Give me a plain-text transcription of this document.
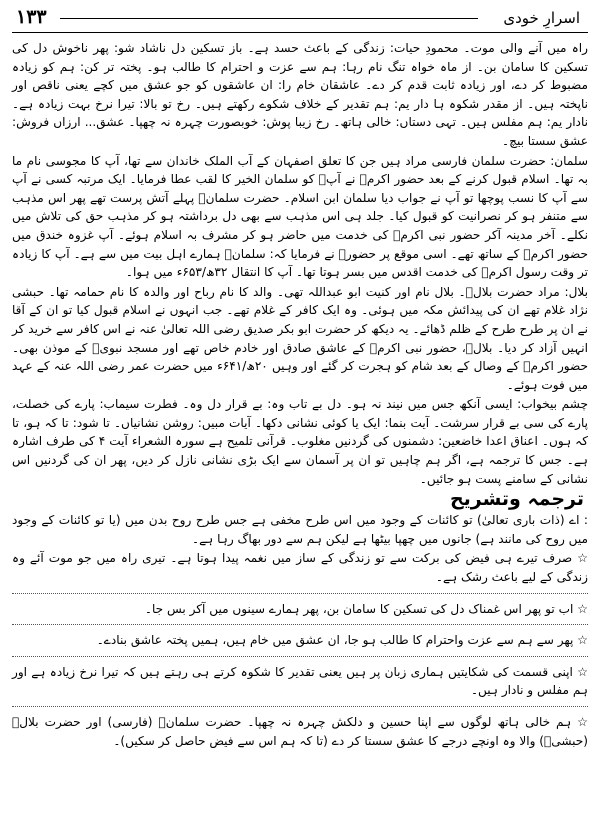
۱۳۳	اسرارِ خودی

راہ میں آنے والی موت۔ محمودِ حیات: زندگی کے باعث حسد ہے۔ باز تسکین دل ناشاد شو: پھر ناخوش دل کی تسکین کا سامان بن۔ از ماہ خواہ تنگ نام رہا: ہم سے عزت و احترام کا طالب ہو۔ پختہ تر کن: ہم کو زیادہ مضبوط کر دے، اور زیادہ ثابت قدم کر دے۔ عاشقان خام را: ان عاشقوں کو جو عشق میں کچے یعنی ناقص اور ناپختہ ہیں۔ از مقدر شکوہ ہا دار یم: ہم تقدیر کے خلاف شکوے رکھتے ہیں۔ رخ تو بالا: تیرا نرخ بہت زیادہ ہے۔ نادار یم: ہم مفلس ہیں۔ تہی دستاں: خالی ہاتھ۔ رخ زیبا پوش: خوبصورت چہرہ نہ چھپا۔ عشق... ارزاں فروش: عشق سستا بیچ۔

سلمان: حضرت سلمان فارسی مراد ہیں جن کا تعلق اصفہان کے آب الملک خاندان سے تھا، آپ کا مجوسی نام ما بہ تھا۔ اسلام قبول کرنے کے بعد حضور اکرمؐ نے آپؓ کو سلمان الخیر کا لقب عطا فرمایا۔ ایک مرتبہ کسی نے آپ سے آپ کا نسب پوچھا تو آپ نے جواب دیا سلمان ابن اسلام۔ حضرت سلمانؓ پہلے آتش پرست تھے پھر اس مذہب سے متنفر ہو کر نصرانیت کو قبول کیا۔ جلد ہی اس مذہب سے بھی دل برداشتہ ہو کر مذہب حق کی تلاش میں نکلے۔ آخر مدینہ آکر حضور نبی اکرمؐ کی خدمت میں حاضر ہو کر مشرف بہ اسلام ہوئے۔ آپ غزوہ خندق میں حضور اکرمؐ کے ساتھ تھے۔ اسی موقع پر حضورؐ نے فرمایا کہ: سلمانؓ ہمارے اہل بیت میں سے ہے۔ آپ کا زیادہ تر وقت رسول اکرمؐ کی خدمت اقدس میں بسر ہوتا تھا۔ آپ کا انتقال ۳۲ھ/۶۵۳ء میں ہوا۔

بلال: مراد حضرت بلالؓ۔ بلال نام اور کنیت ابو عبداللہ تھی۔ والد کا نام رباح اور والدہ کا نام حمامہ تھا۔ حبشی نژاد غلام تھے ان کی پیدائش مکہ میں ہوئی۔ وہ ایک کافر کے غلام تھے۔ جب انہوں نے اسلام قبول کیا تو ان کے آقا نے ان پر طرح طرح کے ظلم ڈھائے۔ یہ دیکھ کر حضرت ابو بکر صدیق رضی اللہ تعالیٰ عنہ نے اس کافر سے خرید کر انہیں آزاد کر دیا۔ بلالؓ، حضور نبی اکرمؐ کے عاشق صادق اور خادم خاص تھے اور مسجد نبویؐ کے موذن بھی۔ حضور اکرمؐ کے وصال کے بعد شام کو ہجرت کر گئے اور وہیں ۲۰ھ/۶۴۱ء میں حضرت عمر رضی اللہ عنہ کے عہد میں فوت ہوئے۔

چشم بیخواب: ایسی آنکھ جس میں نیند نہ ہو۔ دل بے تاب وہ: بے قرار دل وہ۔ فطرت سیماب: پارے کی خصلت، پارے کی سی بے قرار سرشت۔ آیت بنما: ایک یا کوئی نشانی دکھا۔ آیات مبیں: روشن نشانیاں۔ تا شود: تا کہ ہو، تا کہ ہوں۔ اعناق اعدا خاضعین: دشمنوں کی گردنیں مغلوب۔ قرآنی تلمیح ہے سورہ الشعراء آیت ۴ کی طرف اشارہ ہے۔ جس کا ترجمہ ہے، اگر ہم چاہیں تو ان پر آسمان سے ایک بڑی نشانی نازل کر دیں، پھر ان کی گردنیں اس نشانی کے سامنے پست ہو جائیں۔

ترجمہ وتشریح

: اے (ذات باری تعالیٰ) تو کائنات کے وجود میں اس طرح مخفی ہے جس طرح روح بدن میں (یا تو کائنات کے وجود میں روح کی مانند ہے) جانوں میں چھپا بیٹھا ہے لیکن ہم سے دور بھاگ رہا ہے۔

☆ صرف تیرے ہی فیض کی برکت سے تو زندگی کے ساز میں نغمہ پیدا ہوتا ہے۔ تیری راہ میں جو موت آئے وہ زندگی کے لیے باعث رشک ہے۔

☆ اب تو پھر اس غمناک دل کی تسکین کا سامان بن، پھر ہمارے سینوں میں آکر بس جا۔

☆ پھر سے ہم سے عزت واحترام کا طالب ہو جا، ان عشق میں خام ہیں، ہمیں پختہ عاشق بنادے۔

☆ اپنی قسمت کی شکایتیں ہماری زبان پر ہیں یعنی تقدیر کا شکوہ کرتے ہی رہتے ہیں کہ تیرا نرخ زیادہ ہے اور ہم مفلس و نادار ہیں۔

☆ ہم خالی ہاتھ لوگوں سے اپنا حسین و دلکش چہرہ نہ چھپا۔ حضرت سلمانؓ (فارسی) اور حضرت بلالؓ (حبشیؓ) والا وہ اونچے درجے کا عشق سستا کر دے (تا کہ ہم اس سے فیض حاصل کر سکیں)۔
